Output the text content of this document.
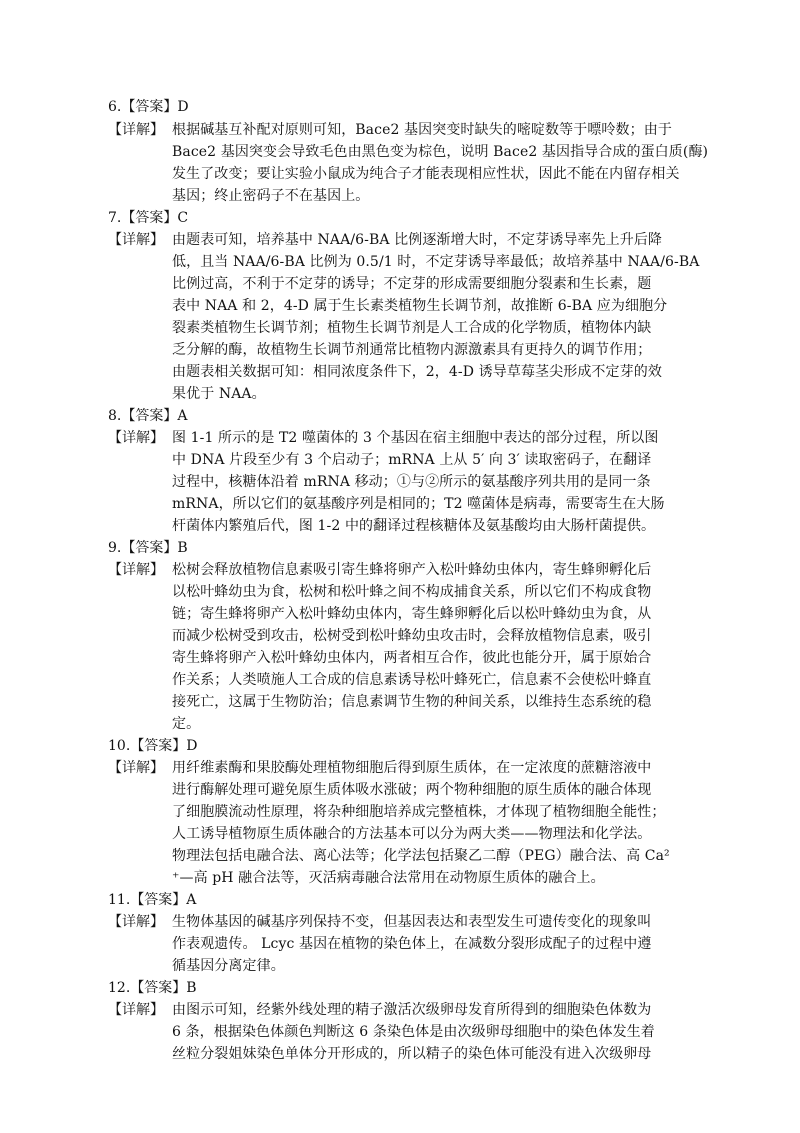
6.【答案】D
【详解】 根据碱基互补配对原则可知，Bace2 基因突变时缺失的嘧啶数等于嘌呤数；由于
Bace2 基因突变会导致毛色由黑色变为棕色，说明 Bace2 基因指导合成的蛋白质(酶)
发生了改变；要让实验小鼠成为纯合子才能表现相应性状，因此不能在内留存相关
基因；终止密码子不在基因上。
7.【答案】C
【详解】 由题表可知，培养基中 NAA/6-BA 比例逐渐增大时，不定芽诱导率先上升后降
低，且当 NAA/6-BA 比例为 0.5/1 时，不定芽诱导率最低；故培养基中 NAA/6-BA
比例过高，不利于不定芽的诱导；不定芽的形成需要细胞分裂素和生长素，题
表中 NAA 和 2，4-D 属于生长素类植物生长调节剂，故推断 6-BA 应为细胞分
裂素类植物生长调节剂；植物生长调节剂是人工合成的化学物质，植物体内缺
乏分解的酶，故植物生长调节剂通常比植物内源激素具有更持久的调节作用；
由题表相关数据可知：相同浓度条件下，2，4-D 诱导草莓茎尖形成不定芽的效
果优于 NAA。
8.【答案】A
【详解】 图 1-1 所示的是 T2 噬菌体的 3 个基因在宿主细胞中表达的部分过程，所以图
中 DNA 片段至少有 3 个启动子；mRNA 上从 5′ 向 3′ 读取密码子，在翻译
过程中，核糖体沿着 mRNA 移动；①与②所示的氨基酸序列共用的是同一条
mRNA，所以它们的氨基酸序列是相同的；T2 噬菌体是病毒，需要寄生在大肠
杆菌体内繁殖后代，图 1-2 中的翻译过程核糖体及氨基酸均由大肠杆菌提供。
9.【答案】B
【详解】 松树会释放植物信息素吸引寄生蜂将卵产入松叶蜂幼虫体内，寄生蜂卵孵化后
以松叶蜂幼虫为食，松树和松叶蜂之间不构成捕食关系，所以它们不构成食物
链；寄生蜂将卵产入松叶蜂幼虫体内，寄生蜂卵孵化后以松叶蜂幼虫为食，从
而减少松树受到攻击，松树受到松叶蜂幼虫攻击时，会释放植物信息素，吸引
寄生蜂将卵产入松叶蜂幼虫体内，两者相互合作，彼此也能分开，属于原始合
作关系；人类喷施人工合成的信息素诱导松叶蜂死亡，信息素不会使松叶蜂直
接死亡，这属于生物防治；信息素调节生物的种间关系，以维持生态系统的稳
定。
10.【答案】D
【详解】 用纤维素酶和果胶酶处理植物细胞后得到原生质体，在一定浓度的蔗糖溶液中
进行酶解处理可避免原生质体吸水涨破；两个物种细胞的原生质体的融合体现
了细胞膜流动性原理，将杂种细胞培养成完整植株，才体现了植物细胞全能性；
人工诱导植物原生质体融合的方法基本可以分为两大类——物理法和化学法。
物理法包括电融合法、离心法等；化学法包括聚乙二醇（PEG）融合法、高 Ca²
⁺—高 pH 融合法等，灭活病毒融合法常用在动物原生质体的融合上。
11.【答案】A
【详解】 生物体基因的碱基序列保持不变，但基因表达和表型发生可遗传变化的现象叫
作表观遗传。 Lcyc 基因在植物的染色体上，在减数分裂形成配子的过程中遵
循基因分离定律。
12.【答案】B
【详解】 由图示可知，经紫外线处理的精子激活次级卵母发育所得到的细胞染色体数为
6 条，根据染色体颜色判断这 6 条染色体是由次级卵母细胞中的染色体发生着
丝粒分裂姐妹染色单体分开形成的，所以精子的染色体可能没有进入次级卵母
